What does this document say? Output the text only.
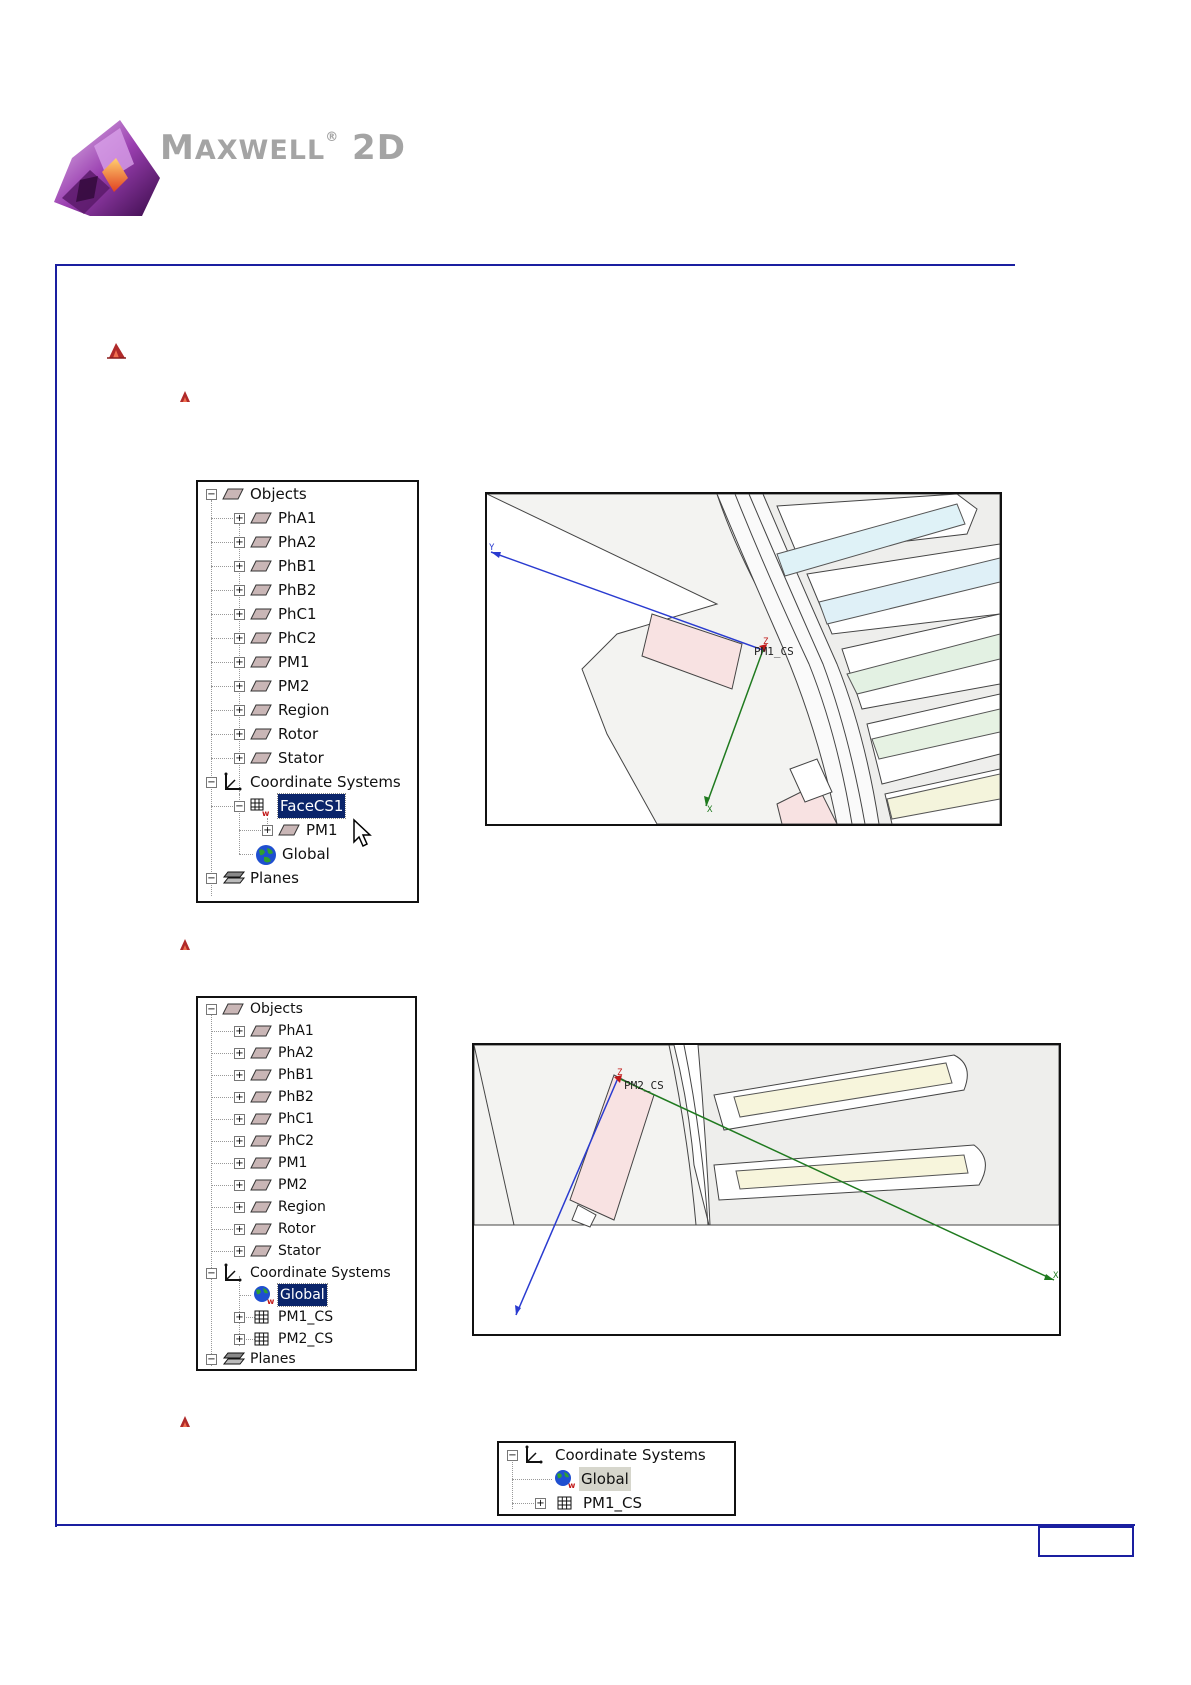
MAXWELL® 2D
− Objects
+ PhA1
+ PhA2
+ PhB1
+ PhB2
+ PhC1
+ PhC2
+ PM1
+ PM2
+ Region
+ Rotor
+ Stator
− Coordinate Systems
−
w FaceCS1
+ PM1
Global
− Planes
Y
X
Z
PM1_CS
− Objects
+ PhA1
+ PhA2
+ PhB1
+ PhB2
+ PhC1
+ PhC2
+ PM1
+ PM2
+ Region
+ Rotor
+ Stator
− Coordinate Systems
w Global
+ PM1_CS
+ PM2_CS
− Planes
X
Z
PM2_CS
−	Coordinate Systems
w Global
+	PM1_CS
